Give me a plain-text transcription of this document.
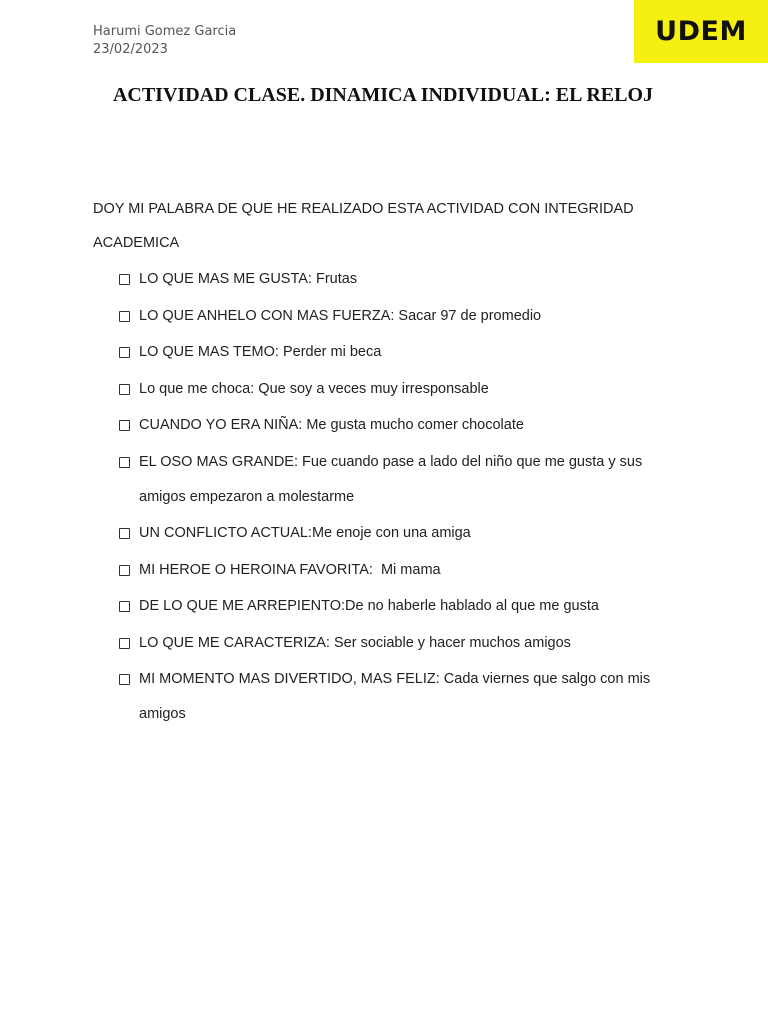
Harumi Gomez Garcia
23/02/2023
UDEM
ACTIVIDAD CLASE. DINAMICA INDIVIDUAL: EL RELOJ

DOY MI PALABRA DE QUE HE REALIZADO ESTA ACTIVIDAD CON INTEGRIDAD ACADEMICA

LO QUE MAS ME GUSTA: Frutas
LO QUE ANHELO CON MAS FUERZA: Sacar 97 de promedio
LO QUE MAS TEMO: Perder mi beca
Lo que me choca: Que soy a veces muy irresponsable
CUANDO YO ERA NIÑA: Me gusta mucho comer chocolate
EL OSO MAS GRANDE: Fue cuando pase a lado del niño que me gusta y sus amigos empezaron a molestarme
UN CONFLICTO ACTUAL:Me enoje con una amiga
MI HEROE O HEROINA FAVORITA:  Mi mama
DE LO QUE ME ARREPIENTO:De no haberle hablado al que me gusta
LO QUE ME CARACTERIZA: Ser sociable y hacer muchos amigos
MI MOMENTO MAS DIVERTIDO, MAS FELIZ: Cada viernes que salgo con mis amigos
